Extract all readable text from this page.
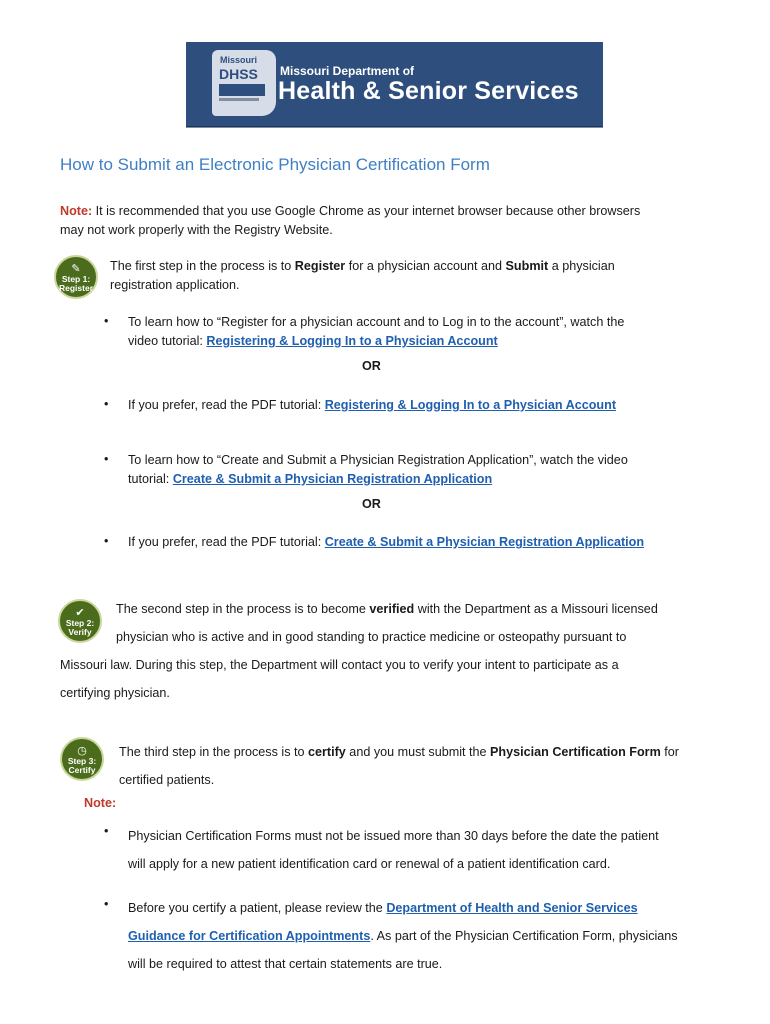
Missouri
DHSS Missouri Department of
Health & Senior Services
How to Submit an Electronic Physician Certification Form
Note: It is recommended that you use Google Chrome as your internet browser because other browsers
may not work properly with the Registry Website.
✎
Step 1:
Register
The first step in the process is to Register for a physician account and Submit a physician
registration application.
• To learn how to “Register for a physician account and to Log in to the account”, watch the
video tutorial: Registering & Logging In to a Physician Account
OR
• If you prefer, read the PDF tutorial: Registering & Logging In to a Physician Account
• To learn how to “Create and Submit a Physician Registration Application”, watch the video
tutorial: Create & Submit a Physician Registration Application
OR
• If you prefer, read the PDF tutorial: Create & Submit a Physician Registration Application
✔
Step 2:
Verify
The second step in the process is to become verified with the Department as a Missouri licensed
physician who is active and in good standing to practice medicine or osteopathy pursuant to
Missouri law. During this step, the Department will contact you to verify your intent to participate as a
certifying physician.
◷
Step 3:
Certify
The third step in the process is to certify and you must submit the Physician Certification Form for
certified patients.
Note:
• Physician Certification Forms must not be issued more than 30 days before the date the patient
will apply for a new patient identification card or renewal of a patient identification card.
• Before you certify a patient, please review the Department of Health and Senior Services
Guidance for Certification Appointments. As part of the Physician Certification Form, physicians
will be required to attest that certain statements are true.
